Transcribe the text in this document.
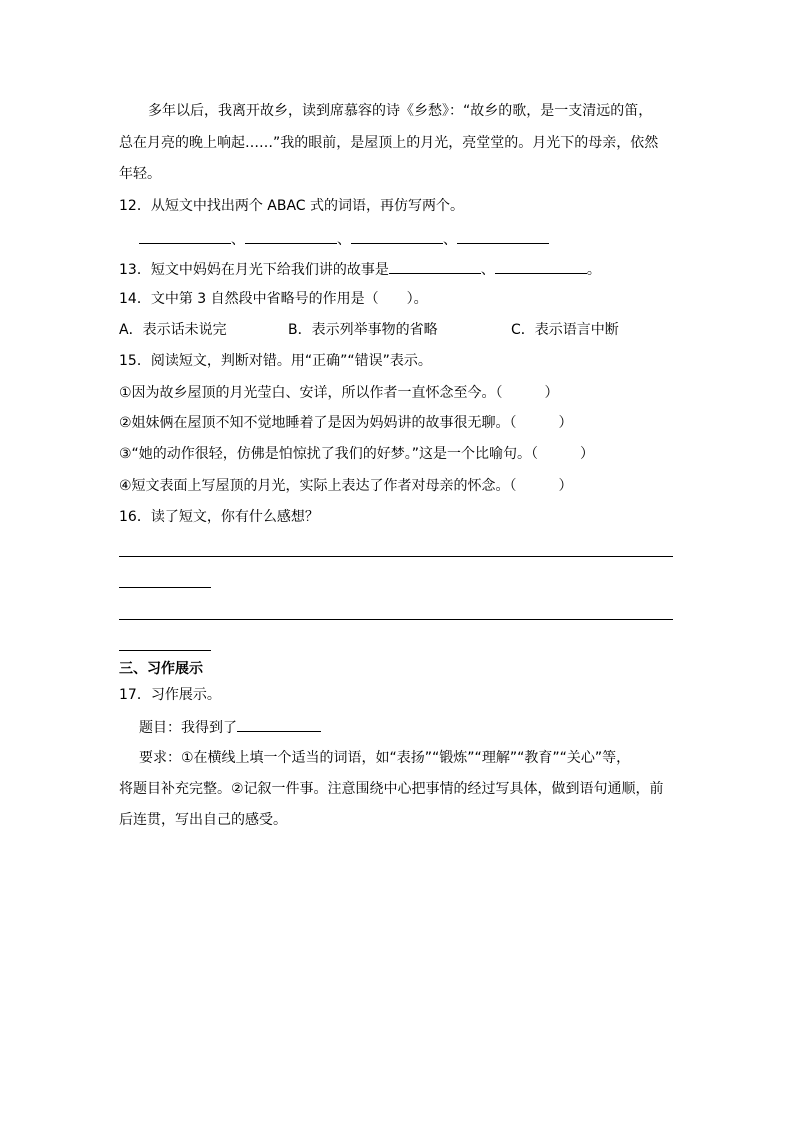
多年以后，我离开故乡，读到席慕容的诗《乡愁》：“故乡的歌，是一支清远的笛，
总在月亮的晚上响起……”我的眼前，是屋顶上的月光，亮堂堂的。月光下的母亲，依然
年轻。
12．从短文中找出两个 ABAC 式的词语，再仿写两个。
、	、	、
13．短文中妈妈在月光下给我们讲的故事是	、	。
14．文中第 3 自然段中省略号的作用是（　　）。
A．表示话未说完	B．表示列举事物的省略	C．表示语言中断
15．阅读短文，判断对错。用“正确”“错误”表示。
①因为故乡屋顶的月光莹白、安详，所以作者一直怀念至今。（　　　）
②姐妹俩在屋顶不知不觉地睡着了是因为妈妈讲的故事很无聊。（　　　）
③“她的动作很轻，仿佛是怕惊扰了我们的好梦。”这是一个比喻句。（　　　）
④短文表面上写屋顶的月光，实际上表达了作者对母亲的怀念。（　　　）
16．读了短文，你有什么感想？
三、习作展示
17．习作展示。
题目：我得到了
要求：①在横线上填一个适当的词语，如“表扬”“锻炼”“理解”“教育”“关心”等，
将题目补充完整。②记叙一件事。注意围绕中心把事情的经过写具体，做到语句通顺，前
后连贯，写出自己的感受。
